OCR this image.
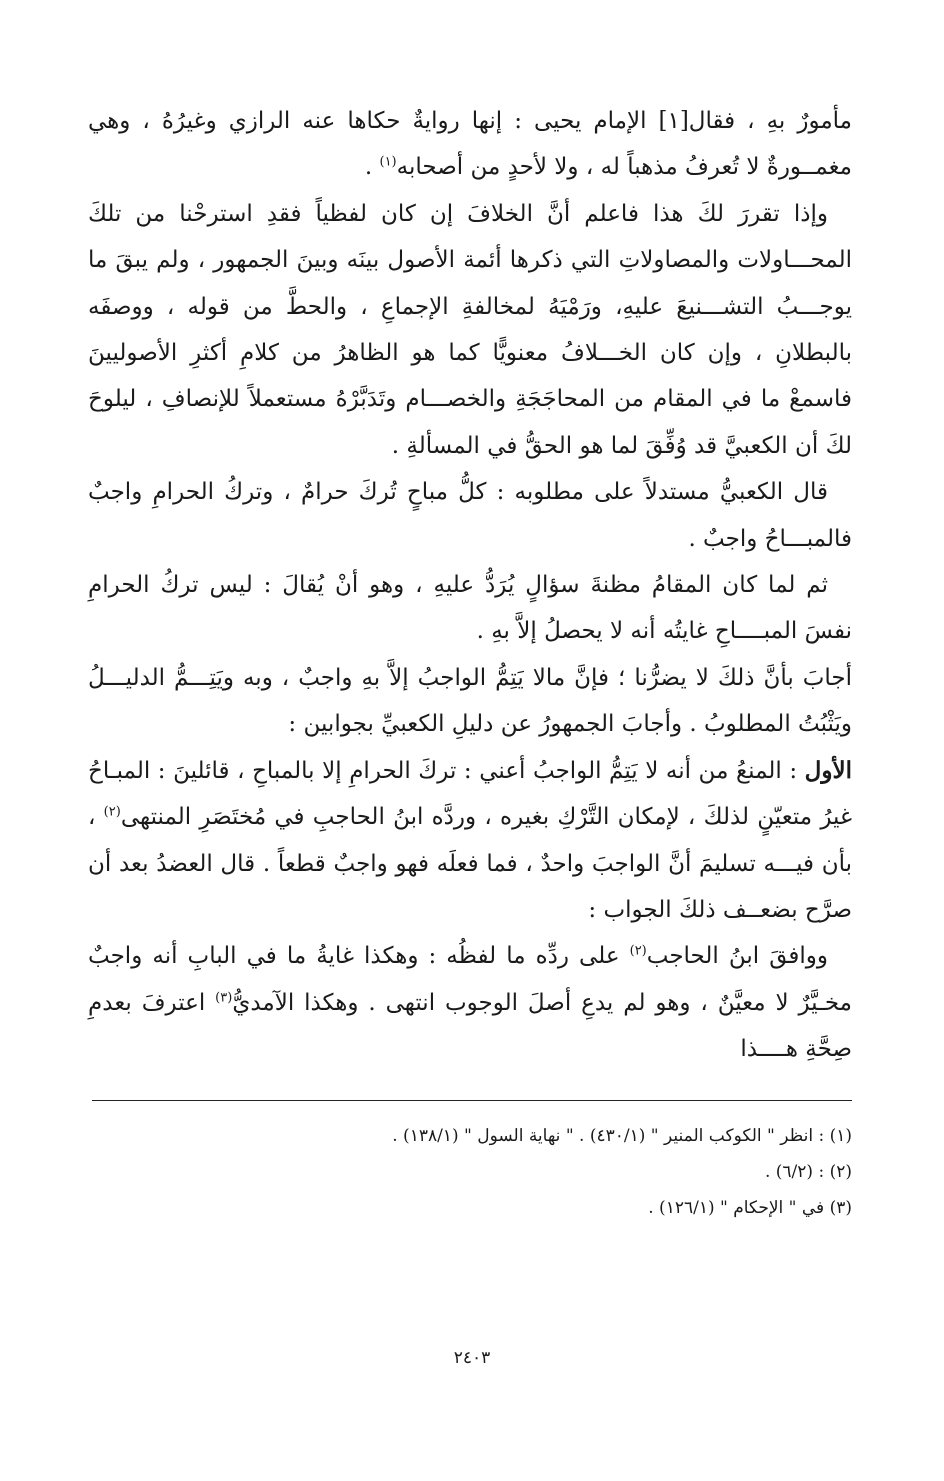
مأمورٌ بهِ ، فقال[١] الإمام يحيى : إنها روايةٌ حكاها عنه الرازي وغيرُهُ ، وهي مغمــورةٌ لا تُعرفُ مذهباً له ، ولا لأحدٍ من أصحابه$^{(١)}$ .

وإذا تقررَ لكَ هذا فاعلم أنَّ الخلافَ إن كان لفظياً فقدِ استرحْنا من تلكَ المحـــاولات والمصاولاتِ التي ذكرها أئمة الأصول بينَه وبينَ الجمهور ، ولم يبقَ ما يوجـــبُ التشـــنيعَ عليهِ، ورَمْيَهُ لمخالفةِ الإجماعِ ، والحطَّ من قوله ، ووصفَه بالبطلانِ ، وإن كان الخـــلافُ معنويًّا كما هو الظاهرُ من كلامِ أكثرِ الأصوليينَ فاسمعْ ما في المقام من المحاجَجَةِ والخصـــام وتَدَبَّرْهُ مستعملاً للإنصافِ ، ليلوحَ لكَ أن الكعبيَّ قد وُفِّقَ لما هو الحقُّ في المسألةِ .

قال الكعبيُّ مستدلاً على مطلوبه : كلُّ مباحٍ تُركَ حرامٌ ، وتركُ الحرامِ واجبٌ فالمبـــاحُ واجبٌ .

ثم لما كان المقامُ مظنةَ سؤالٍ يُرَدُّ عليهِ ، وهو أنْ يُقالَ : ليس تركُ الحرامِ نفسَ المبــــاحِ غايتُه أنه لا يحصلُ إلاَّ بهِ .

أجابَ بأنَّ ذلكَ لا يضرُّنا ؛ فإنَّ مالا يَتِمُّ الواجبُ إلاَّ بهِ واجبٌ ، وبه ويَتِـــمُّ الدليـــلُ ويَثْبُتُ المطلوبُ . وأجابَ الجمهورُ عن دليلِ الكعبيِّ بجوابين :

الأول : المنعُ من أنه لا يَتِمُّ الواجبُ أعني : تركَ الحرامِ إلا بالمباحِ ، قائلينَ : المبـاحُ غيرُ متعيّنٍ لذلكَ ، لإمكان التَّرْكِ بغيره ، وردَّه ابنُ الحاجبِ في مُختَصَرِ المنتهى$^{(٢)}$ ، بأن فيـــه تسليمَ أنَّ الواجبَ واحدٌ ، فما فعلَه فهو واجبٌ قطعاً . قال العضدُ بعد أن صرَّح بضعــف ذلكَ الجواب :

ووافقَ ابنُ الحاجب$^{(٢)}$ على ردِّه ما لفظُه : وهكذا غايةُ ما في البابِ أنه واجبٌ مخـيَّرٌ لا معيَّنٌ ، وهو لم يدعِ أصلَ الوجوب انتهى . وهكذا الآمديُّ$^{(٣)}$ اعترفَ بعدمِ صِحَّةِ هــــذا

(١) : انظر " الكوكب المنير " (٤٣٠/١) . " نهاية السول " (١٣٨/١) .

(٢) : (٦/٢) .

(٣) في " الإحكام " (١٢٦/١) .

٢٤٠٣
